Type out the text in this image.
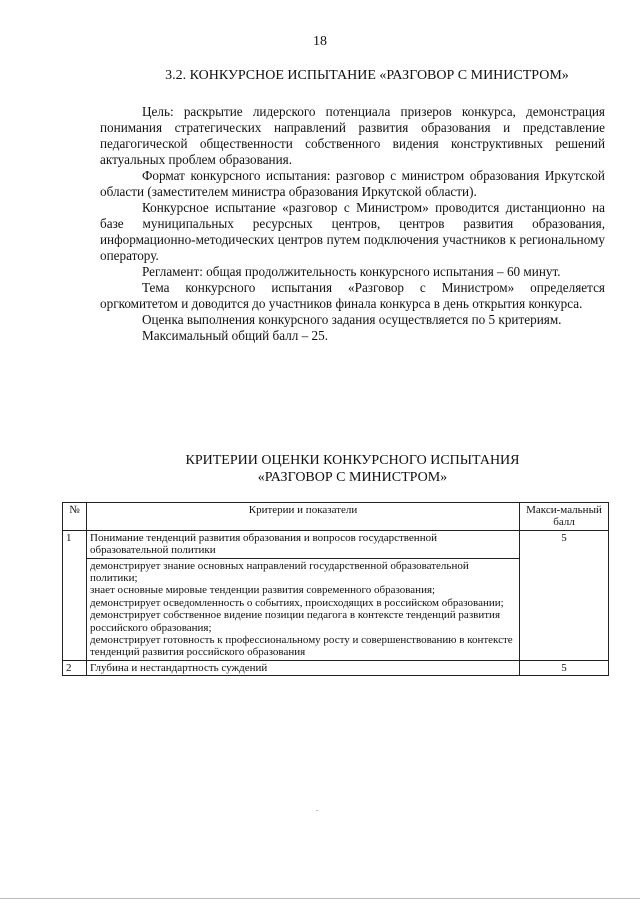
18
3.2. КОНКУРСНОЕ ИСПЫТАНИЕ «РАЗГОВОР С МИНИСТРОМ»

Цель: раскрытие лидерского потенциала призеров конкурса, демонстрация понимания стратегических направлений развития образования и представление педагогической общественности собственного видения конструктивных решений актуальных проблем образования.

Формат конкурсного испытания: разговор с министром образования Иркутской области (заместителем министра образования Иркутской области).

Конкурсное испытание «разговор с Министром» проводится дистанционно на базе муниципальных ресурсных центров, центров развития образования, информационно-методических центров путем подключения участников к региональному оператору.

Регламент: общая продолжительность конкурсного испытания – 60 минут.

Тема конкурсного испытания «Разговор с Министром» определяется оргкомитетом и доводится до участников финала конкурса в день открытия конкурса.

Оценка выполнения конкурсного задания осуществляется по 5 критериям.

Максимальный общий балл – 25.

КРИТЕРИИ ОЦЕНКИ КОНКУРСНОГО ИСПЫТАНИЯ
«РАЗГОВОР С МИНИСТРОМ»
№	Критерии и показатели	Макси-мальный балл
1	Понимание тенденций развития образования и вопросов государственной образовательной политики	5

	демонстрирует знание основных направлений государственной образовательной политики;
знает основные мировые тенденции развития современного образования;
демонстрирует осведомленность о событиях, происходящих в российском образовании;
демонстрирует собственное видение позиции педагога в контексте тенденций развития российского образования;
демонстрирует готовность к профессиональному росту и совершенствованию в контексте тенденций развития российского образования	

2	Глубина и нестандартность суждений	5
